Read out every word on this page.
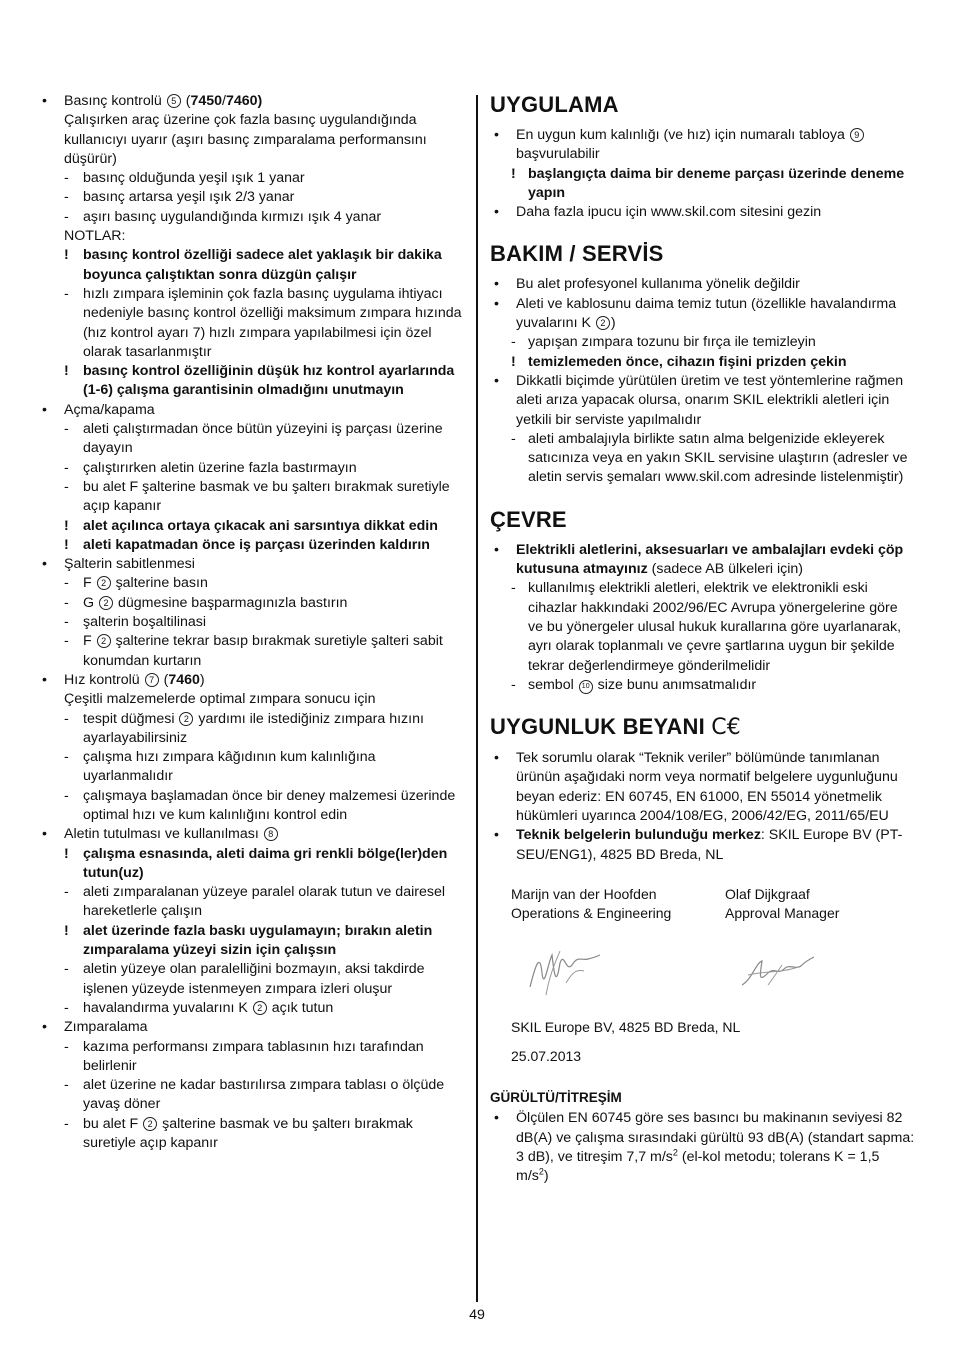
• Basınç kontrolü 5 (7450/7460)
Çalışırken araç üzerine çok fazla basınç uygulandığında kullanıcıyı uyarır (aşırı basınç zımparalama performansını düşürür)
- basınç olduğunda yeşil ışık 1 yanar
- basınç artarsa yeşil ışık 2/3 yanar
- aşırı basınç uygulandığında kırmızı ışık 4 yanar
NOTLAR:
! basınç kontrol özelliği sadece alet yaklaşık bir dakika boyunca çalıştıktan sonra düzgün çalışır
- hızlı zımpara işleminin çok fazla basınç uygulama ihtiyacı nedeniyle basınç kontrol özelliği maksimum zımpara hızında (hız kontrol ayarı 7) hızlı zımpara yapılabilmesi için özel olarak tasarlanmıştır
! basınç kontrol özelliğinin düşük hız kontrol ayarlarında (1-6) çalışma garantisinin olmadığını unutmayın
• Açma/kapama
- aleti çalıştırmadan önce bütün yüzeyini iş parçası üzerine dayayın
- çalıştırırken aletin üzerine fazla bastırmayın
- bu alet F şalterine basmak ve bu şalterı bırakmak suretiyle açıp kapanır
! alet açılınca ortaya çıkacak ani sarsıntıya dikkat edin
! aleti kapatmadan önce iş parçası üzerinden kaldırın
• Şalterin sabitlenmesi
- F 2 şalterine basın
- G 2 dügmesine başparmagınızla bastırın
- şalterin boşaltilinasi
- F 2 şalterine tekrar basıp bırakmak suretiyle şalteri sabit konumdan kurtarın
• Hız kontrolü 7 (7460)
Çeşitli malzemelerde optimal zımpara sonucu için
- tespit düğmesi 2 yardımı ile istediğiniz zımpara hızını ayarlayabilirsiniz
- çalışma hızı zımpara kâğıdının kum kalınlığına uyarlanmalıdır
- çalışmaya başlamadan önce bir deney malzemesi üzerinde optimal hızı ve kum kalınlığını kontrol edin
• Aletin tutulması ve kullanılması 8
! çalışma esnasında, aleti daima gri renkli bölge(ler)den tutun(uz)
- aleti zımparalanan yüzeye paralel olarak tutun ve dairesel hareketlerle çalışın
! alet üzerinde fazla baskı uygulamayın; bırakın aletin zımparalama yüzeyi sizin için çalışsın
- aletin yüzeye olan paralelliğini bozmayın, aksi takdirde işlenen yüzeyde istenmeyen zımpara izleri oluşur
- havalandırma yuvalarını K 2 açık tutun
• Zımparalama
- kazıma performansı zımpara tablasının hızı tarafından belirlenir
- alet üzerine ne kadar bastırılırsa zımpara tablası o ölçüde yavaş döner
- bu alet F 2 şalterine basmak ve bu şalterı bırakmak suretiyle açıp kapanır
UYGULAMA
• En uygun kum kalınlığı (ve hız) için numaralı tabloya 9 başvurulabilir
! başlangıçta daima bir deneme parçası üzerinde deneme yapın
• Daha fazla ipucu için www.skil.com sitesini gezin
BAKIM / SERVİS
• Bu alet profesyonel kullanıma yönelik değildir
• Aleti ve kablosunu daima temiz tutun (özellikle havalandırma yuvalarını K 2 )
- yapışan zımpara tozunu bir fırça ile temizleyin
! temizlemeden önce, cihazın fişini prizden çekin
• Dikkatli biçimde yürütülen üretim ve test yöntemlerine rağmen aleti arıza yapacak olursa, onarım SKIL elektrikli aletleri için yetkili bir serviste yapılmalıdır
- aleti ambalajıyla birlikte satın alma belgenizide ekleyerek satıcınıza veya en yakın SKIL servisine ulaştırın (adresler ve aletin servis şemaları www.skil.com adresinde listelenmiştir)
ÇEVRE
• Elektrikli aletlerini, aksesuarları ve ambalajları evdeki çöp kutusuna atmayınız (sadece AB ülkeleri için)
- kullanılmış elektrikli aletleri, elektrik ve elektronikli eski cihazlar hakkındaki 2002/96/EC Avrupa yönergelerine göre ve bu yönergeler ulusal hukuk kurallarına göre uyarlanarak, ayrı olarak toplanmalı ve çevre şartlarına uygun bir şekilde tekrar değerlendirmeye gönderilmelidir
- sembol 10 size bunu anımsatmalıdır
UYGUNLUK BEYANI C€
• Tek sorumlu olarak “Teknik veriler” bölümünde tanımlanan ürünün aşağıdaki norm veya normatif belgelere uygunluğunu beyan ederiz: EN 60745, EN 61000, EN 55014 yönetmelik hükümleri uyarınca 2004/108/EG, 2006/42/EG, 2011/65/EU
• Teknik belgelerin bulunduğu merkez: SKIL Europe BV (PT-SEU/ENG1), 4825 BD Breda, NL
Marijn van der Hoofden
Operations & Engineering
Olaf Dijkgraaf
Approval Manager
SKIL Europe BV, 4825 BD Breda, NL
25.07.2013
GÜRÜLTÜ/TİTREŞİM
• Ölçülen EN 60745 göre ses basıncı bu makinanın seviyesi 82 dB(A) ve çalışma sırasındaki gürültü 93 dB(A) (standart sapma: 3 dB), ve titreşim 7,7 $m/s^2$ (el-kol metodu; tolerans K = 1,5 $m/s^2$)
49
